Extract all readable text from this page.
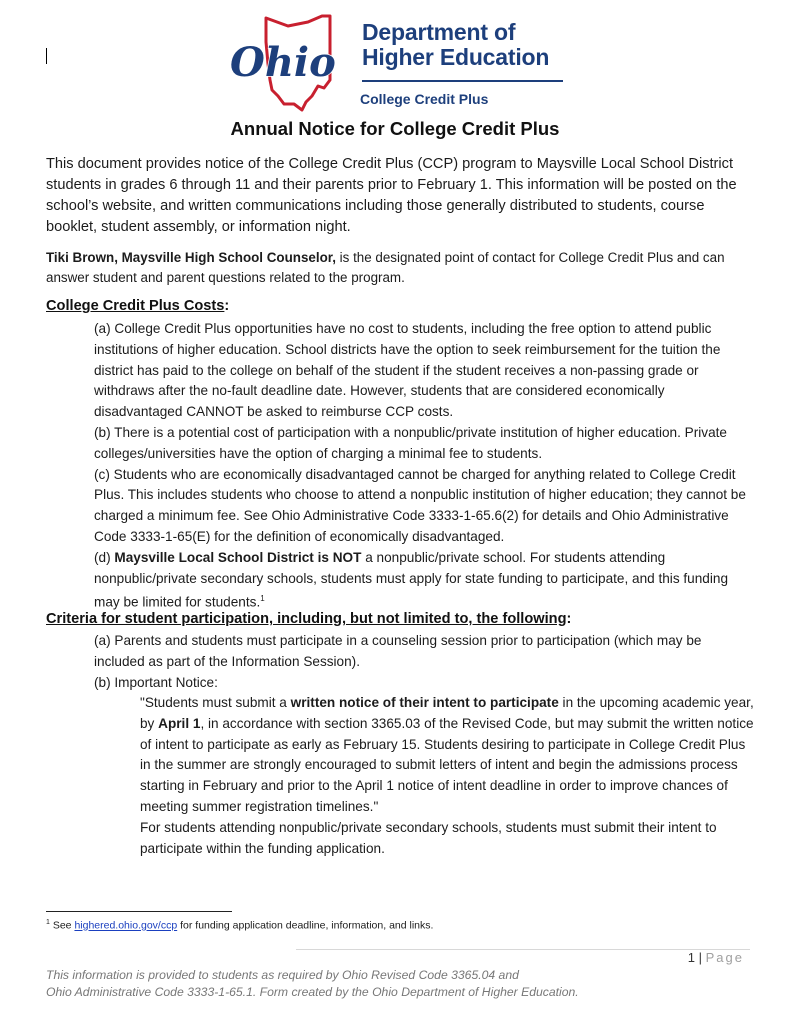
Ohio
Department of
Higher Education
College Credit Plus
Annual Notice for College Credit Plus
This document provides notice of the College Credit Plus (CCP) program to Maysville Local School District students in grades 6 through 11 and their parents prior to February 1. This information will be posted on the school’s website, and written communications including those generally distributed to students, course booklet, student assembly, or information night.
Tiki Brown, Maysville High School Counselor, is the designated point of contact for College Credit Plus and can answer student and parent questions related to the program.
College Credit Plus Costs:
(a) College Credit Plus opportunities have no cost to students, including the free option to attend public institutions of higher education. School districts have the option to seek reimbursement for the tuition the district has paid to the college on behalf of the student if the student receives a non-passing grade or withdraws after the no-fault deadline date. However, students that are considered economically disadvantaged CANNOT be asked to reimburse CCP costs.
(b) There is a potential cost of participation with a nonpublic/private institution of higher education. Private colleges/universities have the option of charging a minimal fee to students.
(c) Students who are economically disadvantaged cannot be charged for anything related to College Credit Plus. This includes students who choose to attend a nonpublic institution of higher education; they cannot be charged a minimum fee. See Ohio Administrative Code 3333-1-65.6(2) for details and Ohio Administrative Code 3333-1-65(E) for the definition of economically disadvantaged.
(d) Maysville Local School District is NOT a nonpublic/private school. For students attending nonpublic/private secondary schools, students must apply for state funding to participate, and this funding may be limited for students.$^1$
Criteria for student participation, including, but not limited to, the following:
(a) Parents and students must participate in a counseling session prior to participation (which may be included as part of the Information Session).
(b) Important Notice:
"Students must submit a written notice of their intent to participate in the upcoming academic year, by April 1, in accordance with section 3365.03 of the Revised Code, but may submit the written notice of intent to participate as early as February 15. Students desiring to participate in College Credit Plus in the summer are strongly encouraged to submit letters of intent and begin the admissions process starting in February and prior to the April 1 notice of intent deadline in order to improve chances of meeting summer registration timelines."
For students attending nonpublic/private secondary schools, students must submit their intent to participate within the funding application.
$^1$ See highered.ohio.gov/ccp for funding application deadline, information, and links.
1 | Page
This information is provided to students as required by Ohio Revised Code 3365.04 and
Ohio Administrative Code 3333-1-65.1. Form created by the Ohio Department of Higher Education.
